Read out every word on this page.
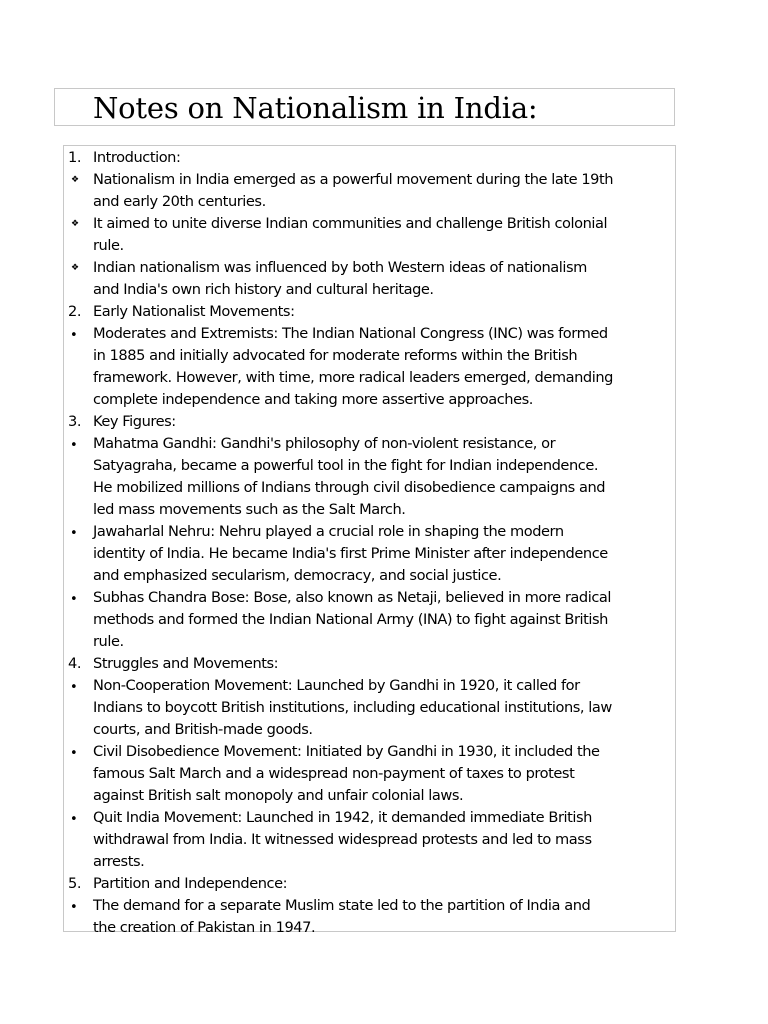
Notes on Nationalism in India:
1. Introduction:
❖ Nationalism in India emerged as a powerful movement during the late 19th
and early 20th centuries.
❖ It aimed to unite diverse Indian communities and challenge British colonial
rule.
❖ Indian nationalism was influenced by both Western ideas of nationalism
and India's own rich history and cultural heritage.
2. Early Nationalist Movements:
•	Moderates and Extremists: The Indian National Congress (INC) was formed
in 1885 and initially advocated for moderate reforms within the British
framework. However, with time, more radical leaders emerged, demanding
complete independence and taking more assertive approaches.
3. Key Figures:
•	Mahatma Gandhi: Gandhi's philosophy of non-violent resistance, or
Satyagraha, became a powerful tool in the fight for Indian independence.
He mobilized millions of Indians through civil disobedience campaigns and
led mass movements such as the Salt March.
•	Jawaharlal Nehru: Nehru played a crucial role in shaping the modern
identity of India. He became India's first Prime Minister after independence
and emphasized secularism, democracy, and social justice.
•	Subhas Chandra Bose: Bose, also known as Netaji, believed in more radical
methods and formed the Indian National Army (INA) to fight against British
rule.
4. Struggles and Movements:
•	Non-Cooperation Movement: Launched by Gandhi in 1920, it called for
Indians to boycott British institutions, including educational institutions, law
courts, and British-made goods.
•	Civil Disobedience Movement: Initiated by Gandhi in 1930, it included the
famous Salt March and a widespread non-payment of taxes to protest
against British salt monopoly and unfair colonial laws.
•	Quit India Movement: Launched in 1942, it demanded immediate British
withdrawal from India. It witnessed widespread protests and led to mass
arrests.
5. Partition and Independence:
•	The demand for a separate Muslim state led to the partition of India and
the creation of Pakistan in 1947.
